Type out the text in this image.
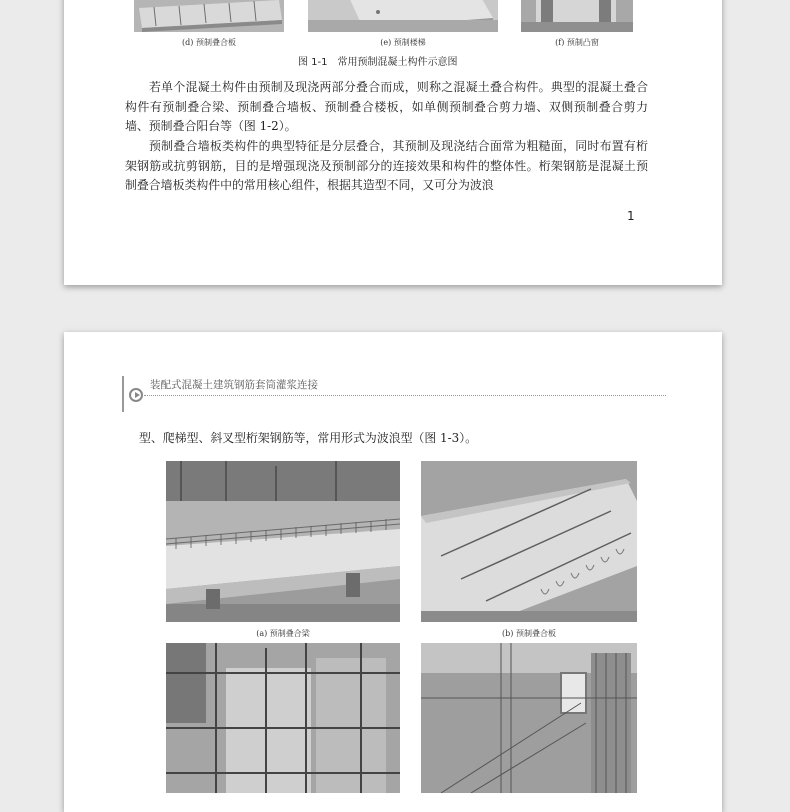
(d) 预制叠合板	(e) 预制楼梯	(f) 预制凸窗
图 1-1　常用预制混凝土构件示意图

若单个混凝土构件由预制及现浇两部分叠合而成，则称之混凝土叠合构件。典型的混凝土叠合构件有预制叠合梁、预制叠合墙板、预制叠合楼板，如单侧预制叠合剪力墙、双侧预制叠合剪力墙、预制叠合阳台等（图 1-2）。

预制叠合墙板类构件的典型特征是分层叠合，其预制及现浇结合面常为粗糙面，同时布置有桁架钢筋或抗剪钢筋，目的是增强现浇及预制部分的连接效果和构件的整体性。桁架钢筋是混凝土预制叠合墙板类构件中的常用核心组件，根据其造型不同，又可分为波浪

1
装配式混凝土建筑钢筋套筒灌浆连接

型、爬梯型、斜叉型桁架钢筋等，常用形式为波浪型（图 1-3）。

(a) 预制叠合梁	(b) 预制叠合板
